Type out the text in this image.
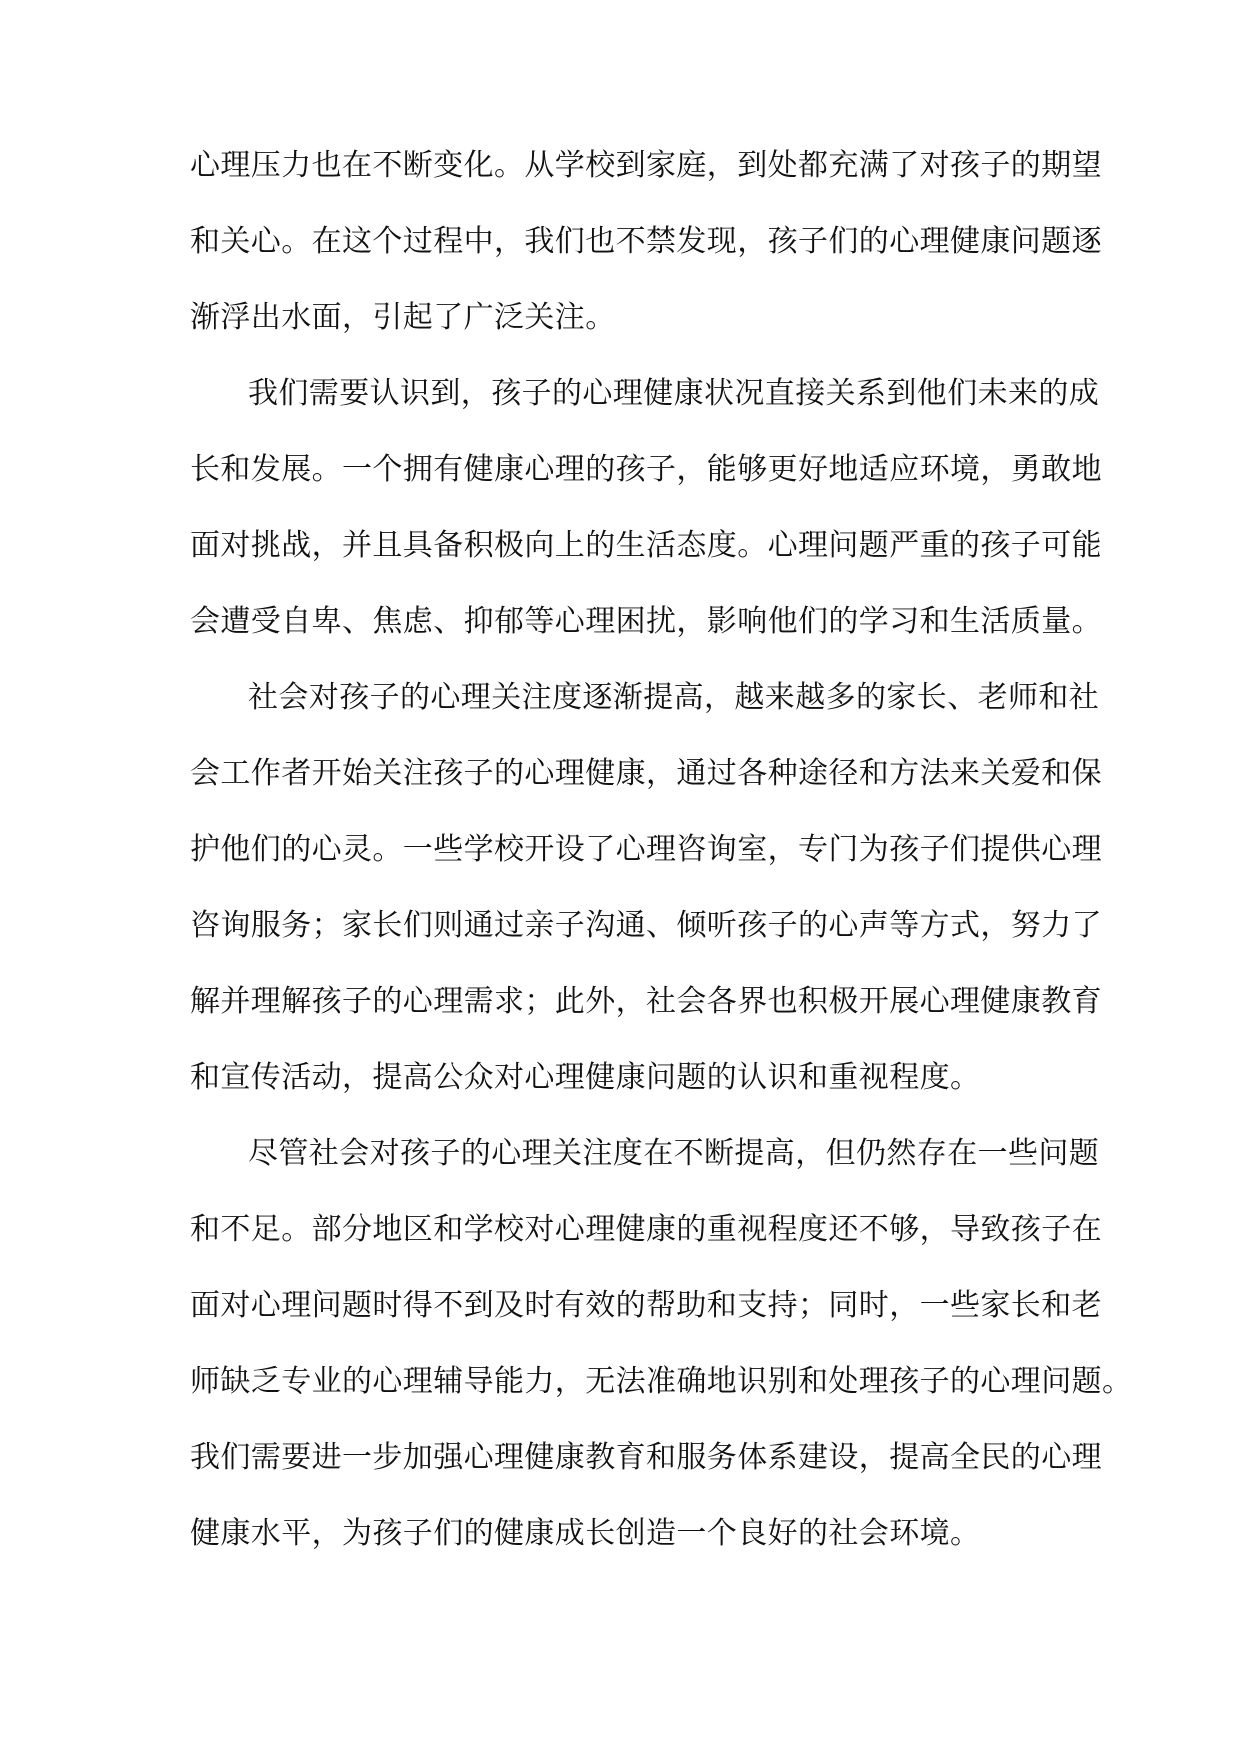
心理压力也在不断变化。从学校到家庭，到处都充满了对孩子的期望
和关心。在这个过程中，我们也不禁发现，孩子们的心理健康问题逐
渐浮出水面，引起了广泛关注。
我们需要认识到，孩子的心理健康状况直接关系到他们未来的成
长和发展。一个拥有健康心理的孩子，能够更好地适应环境，勇敢地
面对挑战，并且具备积极向上的生活态度。心理问题严重的孩子可能
会遭受自卑、焦虑、抑郁等心理困扰，影响他们的学习和生活质量。
社会对孩子的心理关注度逐渐提高，越来越多的家长、老师和社
会工作者开始关注孩子的心理健康，通过各种途径和方法来关爱和保
护他们的心灵。一些学校开设了心理咨询室，专门为孩子们提供心理
咨询服务；家长们则通过亲子沟通、倾听孩子的心声等方式，努力了
解并理解孩子的心理需求；此外，社会各界也积极开展心理健康教育
和宣传活动，提高公众对心理健康问题的认识和重视程度。
尽管社会对孩子的心理关注度在不断提高，但仍然存在一些问题
和不足。部分地区和学校对心理健康的重视程度还不够，导致孩子在
面对心理问题时得不到及时有效的帮助和支持；同时，一些家长和老
师缺乏专业的心理辅导能力，无法准确地识别和处理孩子的心理问题。
我们需要进一步加强心理健康教育和服务体系建设，提高全民的心理
健康水平，为孩子们的健康成长创造一个良好的社会环境。
